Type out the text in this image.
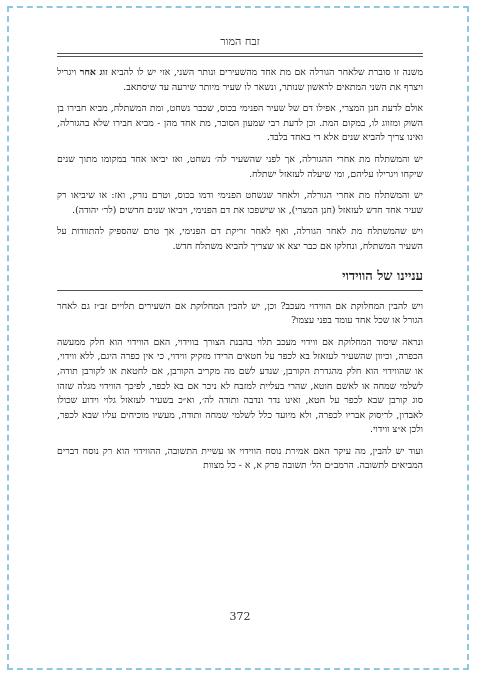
זבח המור

משנה זו סוברת שלאחר הגורלה אם מת אחד מהשעירים ונותר השני, אזי יש לו להביא זוג אחר ויגריל ויצרף את השני המתאים לראשון שנותר, ונשאר לו שעיר מיותר שירעה עד שיסתאב.

אולם לדעת חגן המצרי, אפילו דם של שעיר הפנימי בכוס, שכבר נשחט, ומת המשתלח, מביא חבירו בן השוק ומזווג לו, במקום המת. וכן לדעת רבי שמעון הסובר, מת אחד מהן - מביא חבירו שלא בהגורלה, ואינו צריך להביא שנים אלא די באחד בלבד.

יש והמשתלח מת אחרי ההגורלה, אך לפני שהשעיר לה׳ נשחט, ואז יביאו אחד במקומו מתוך שנים שיקחו ויגרילו עליהם, ומי שיעלה לעזאזל ישתלח.

יש והמשתלח מת אחרי הגורלה, ולאחר שנשחט הפנימי ודמו בכוס, וטרם נזרק, ואז: או שיביאו רק שעיר אחד חדש לעזאזל (חנן המצרי), או שישפכו את דם הפנימי, ויביאו שנים חדשים (לר׳ יהודה).

ויש שהמשתלח מת לאחר הגורלה, ואף לאחר זריקת דם הפנימי, אך טרם שהספיק להתוודות על השעיר המשתלח, ונחלקו אם כבר יצא או שצריך להביא משתלח חדש.

עניינו של הווידוי

ויש להבין המחלוקת אם הווידוי מעכב? וכן, יש להבין המחלוקת אם השעירים תלויים זב״ז גם לאחר הגורל או שכל אחד עומד בפני עצמו?

ונראה שיסוד המחלוקת אם ווידוי מעכב תלוי בהבנת הצורך בווידוי, האם הווידוי הוא חלק ממעשה הכפרה, וכיוון שהשעיר לעזאזל בא לכפר על חטאים הרידו מזקיק ווידוי, כי אין כפרה היגם, ללא ווידוי, או שהווידוי הוא חלק מהגדרת הקורבן, שנדע לשם מה מקריב הקורבן, אם לחטאת או לקורבן תודה, לשלמי שמחה או לאשם חוטא, שהרי בעליית למזבח לא ניכר אם בא לכפר, לפיכך הווידוי מגלה שזהו סוג קורבן שבא לכפר על חטא, ואינו נדר ונדבה ותודה לה׳, וא״כ בשעיר לעזאזל גלוי וידוע שכולו לאבדון, לריסוק אבריו לכפרה, ולא מיועד כלל לשלמי שמחה ותודה, מעשיו מוכיחים עליו שבא לכפר, ולכן א״צ ווידוי.

ועוד יש להבין, מה עיקר האם אמירת נוסח הווידוי או עשיית התשובה, ההווידוי הוא רק נוסח דברים המביאים לתשובה. הרמב״ם הל׳ תשובה פרק א, א - כל מצוות

372
